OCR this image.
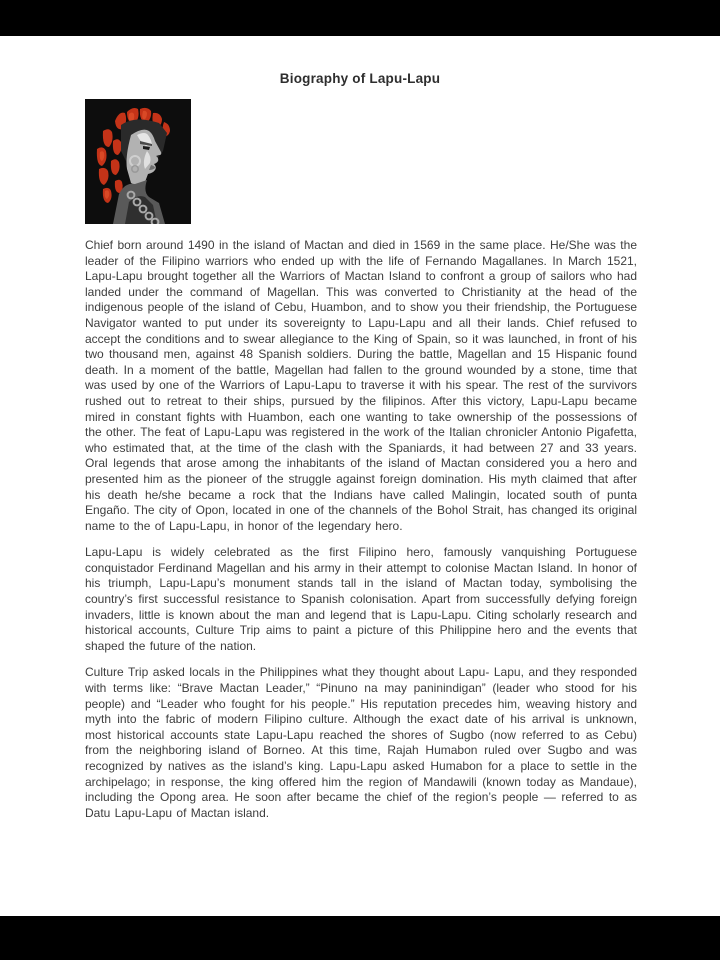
Biography of Lapu-Lapu

Chief born around 1490 in the island of Mactan and died in 1569 in the same place. He/She was the leader of the Filipino warriors who ended up with the life of Fernando Magallanes. In March 1521, Lapu-Lapu brought together all the Warriors of Mactan Island to confront a group of sailors who had landed under the command of Magellan. This was converted to Christianity at the head of the indigenous people of the island of Cebu, Huambon, and to show you their friendship, the Portuguese Navigator wanted to put under its sovereignty to Lapu-Lapu and all their lands. Chief refused to accept the conditions and to swear allegiance to the King of Spain, so it was launched, in front of his two thousand men, against 48 Spanish soldiers. During the battle, Magellan and 15 Hispanic found death. In a moment of the battle, Magellan had fallen to the ground wounded by a stone, time that was used by one of the Warriors of Lapu-Lapu to traverse it with his spear. The rest of the survivors rushed out to retreat to their ships, pursued by the filipinos. After this victory, Lapu-Lapu became mired in constant fights with Huambon, each one wanting to take ownership of the possessions of the other. The feat of Lapu-Lapu was registered in the work of the Italian chronicler Antonio Pigafetta, who estimated that, at the time of the clash with the Spaniards, it had between 27 and 33 years. Oral legends that arose among the inhabitants of the island of Mactan considered you a hero and presented him as the pioneer of the struggle against foreign domination. His myth claimed that after his death he/she became a rock that the Indians have called Malingin, located south of punta Engaño. The city of Opon, located in one of the channels of the Bohol Strait, has changed its original name to the of Lapu-Lapu, in honor of the legendary hero.

Lapu-Lapu is widely celebrated as the first Filipino hero, famously vanquishing Portuguese conquistador Ferdinand Magellan and his army in their attempt to colonise Mactan Island. In honor of his triumph, Lapu-Lapu’s monument stands tall in the island of Mactan today, symbolising the country’s first successful resistance to Spanish colonisation. Apart from successfully defying foreign invaders, little is known about the man and legend that is Lapu-Lapu. Citing scholarly research and historical accounts, Culture Trip aims to paint a picture of this Philippine hero and the events that shaped the future of the nation.

Culture Trip asked locals in the Philippines what they thought about Lapu- Lapu, and they responded with terms like: “Brave Mactan Leader,” “Pinuno na may paninindigan” (leader who stood for his people) and “Leader who fought for his people.” His reputation precedes him, weaving history and myth into the fabric of modern Filipino culture. Although the exact date of his arrival is unknown, most historical accounts state Lapu-Lapu reached the shores of Sugbo (now referred to as Cebu) from the neighboring island of Borneo. At this time, Rajah Humabon ruled over Sugbo and was recognized by natives as the island’s king. Lapu-Lapu asked Humabon for a place to settle in the archipelago; in response, the king offered him the region of Mandawili (known today as Mandaue), including the Opong area. He soon after became the chief of the region’s people — referred to as Datu Lapu-Lapu of Mactan island.
